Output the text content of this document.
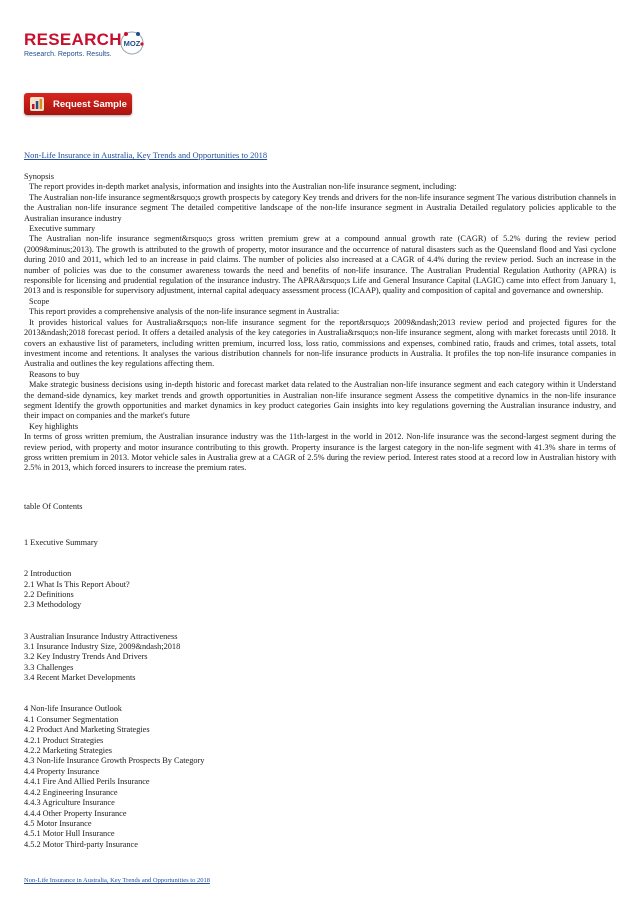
RESEARCH MOZ
Research. Reports. Results.
Request Sample
Non-Life Insurance in Australia, Key Trends and Opportunities to 2018

Synopsis

The report provides in-depth market analysis, information and insights into the Australian non-life insurance segment, including:

The Australian non-life insurance segment&rsquo;s growth prospects by category Key trends and drivers for the non-life insurance segment The various distribution channels in the Australian non-life insurance segment The detailed competitive landscape of the non-life insurance segment in Australia Detailed regulatory policies applicable to the Australian insurance industry

Executive summary

The Australian non-life insurance segment&rsquo;s gross written premium grew at a compound annual growth rate (CAGR) of 5.2% during the review period (2009&minus;2013). The growth is attributed to the growth of property, motor insurance and the occurrence of natural disasters such as the Queensland flood and Yasi cyclone during 2010 and 2011, which led to an increase in paid claims. The number of policies also increased at a CAGR of 4.4% during the review period. Such an increase in the number of policies was due to the consumer awareness towards the need and benefits of non-life insurance. The Australian Prudential Regulation Authority (APRA) is responsible for licensing and prudential regulation of the insurance industry. The APRA&rsquo;s Life and General Insurance Capital (LAGIC) came into effect from January 1, 2013 and is responsible for supervisory adjustment, internal capital adequacy assessment process (ICAAP), quality and composition of capital and governance and ownership.

Scope

This report provides a comprehensive analysis of the non-life insurance segment in Australia:

It provides historical values for Australia&rsquo;s non-life insurance segment for the report&rsquo;s 2009&ndash;2013 review period and projected figures for the 2013&ndash;2018 forecast period. It offers a detailed analysis of the key categories in Australia&rsquo;s non-life insurance segment, along with market forecasts until 2018. It covers an exhaustive list of parameters, including written premium, incurred loss, loss ratio, commissions and expenses, combined ratio, frauds and crimes, total assets, total investment income and retentions. It analyses the various distribution channels for non-life insurance products in Australia. It profiles the top non-life insurance companies in Australia and outlines the key regulations affecting them.

Reasons to buy

Make strategic business decisions using in-depth historic and forecast market data related to the Australian non-life insurance segment and each category within it Understand the demand-side dynamics, key market trends and growth opportunities in Australian non-life insurance segment Assess the competitive dynamics in the non-life insurance segment Identify the growth opportunities and market dynamics in key product categories Gain insights into key regulations governing the Australian insurance industry, and their impact on companies and the market's future

Key highlights

In terms of gross written premium, the Australian insurance industry was the 11th-largest in the world in 2012. Non-life insurance was the second-largest segment during the review period, with property and motor insurance contributing to this growth. Property insurance is the largest category in the non-life segment with 41.3% share in terms of gross written premium in 2013. Motor vehicle sales in Australia grew at a CAGR of 2.5% during the review period. Interest rates stood at a record low in Australian history with 2.5% in 2013, which forced insurers to increase the premium rates.

table Of Contents
1 Executive Summary
2 Introduction
2.1 What Is This Report About?
2.2 Definitions
2.3 Methodology
3 Australian Insurance Industry Attractiveness
3.1 Insurance Industry Size, 2009&ndash;2018
3.2 Key Industry Trends And Drivers
3.3 Challenges
3.4 Recent Market Developments
4 Non-life Insurance Outlook
4.1 Consumer Segmentation
4.2 Product And Marketing Strategies
4.2.1 Product Strategies
4.2.2 Marketing Strategies
4.3 Non-life Insurance Growth Prospects By Category
4.4 Property Insurance
4.4.1 Fire And Allied Perils Insurance
4.4.2 Engineering Insurance
4.4.3 Agriculture Insurance
4.4.4 Other Property Insurance
4.5 Motor Insurance
4.5.1 Motor Hull Insurance
4.5.2 Motor Third-party Insurance
Non-Life Insurance in Australia, Key Trends and Opportunities to 2018
